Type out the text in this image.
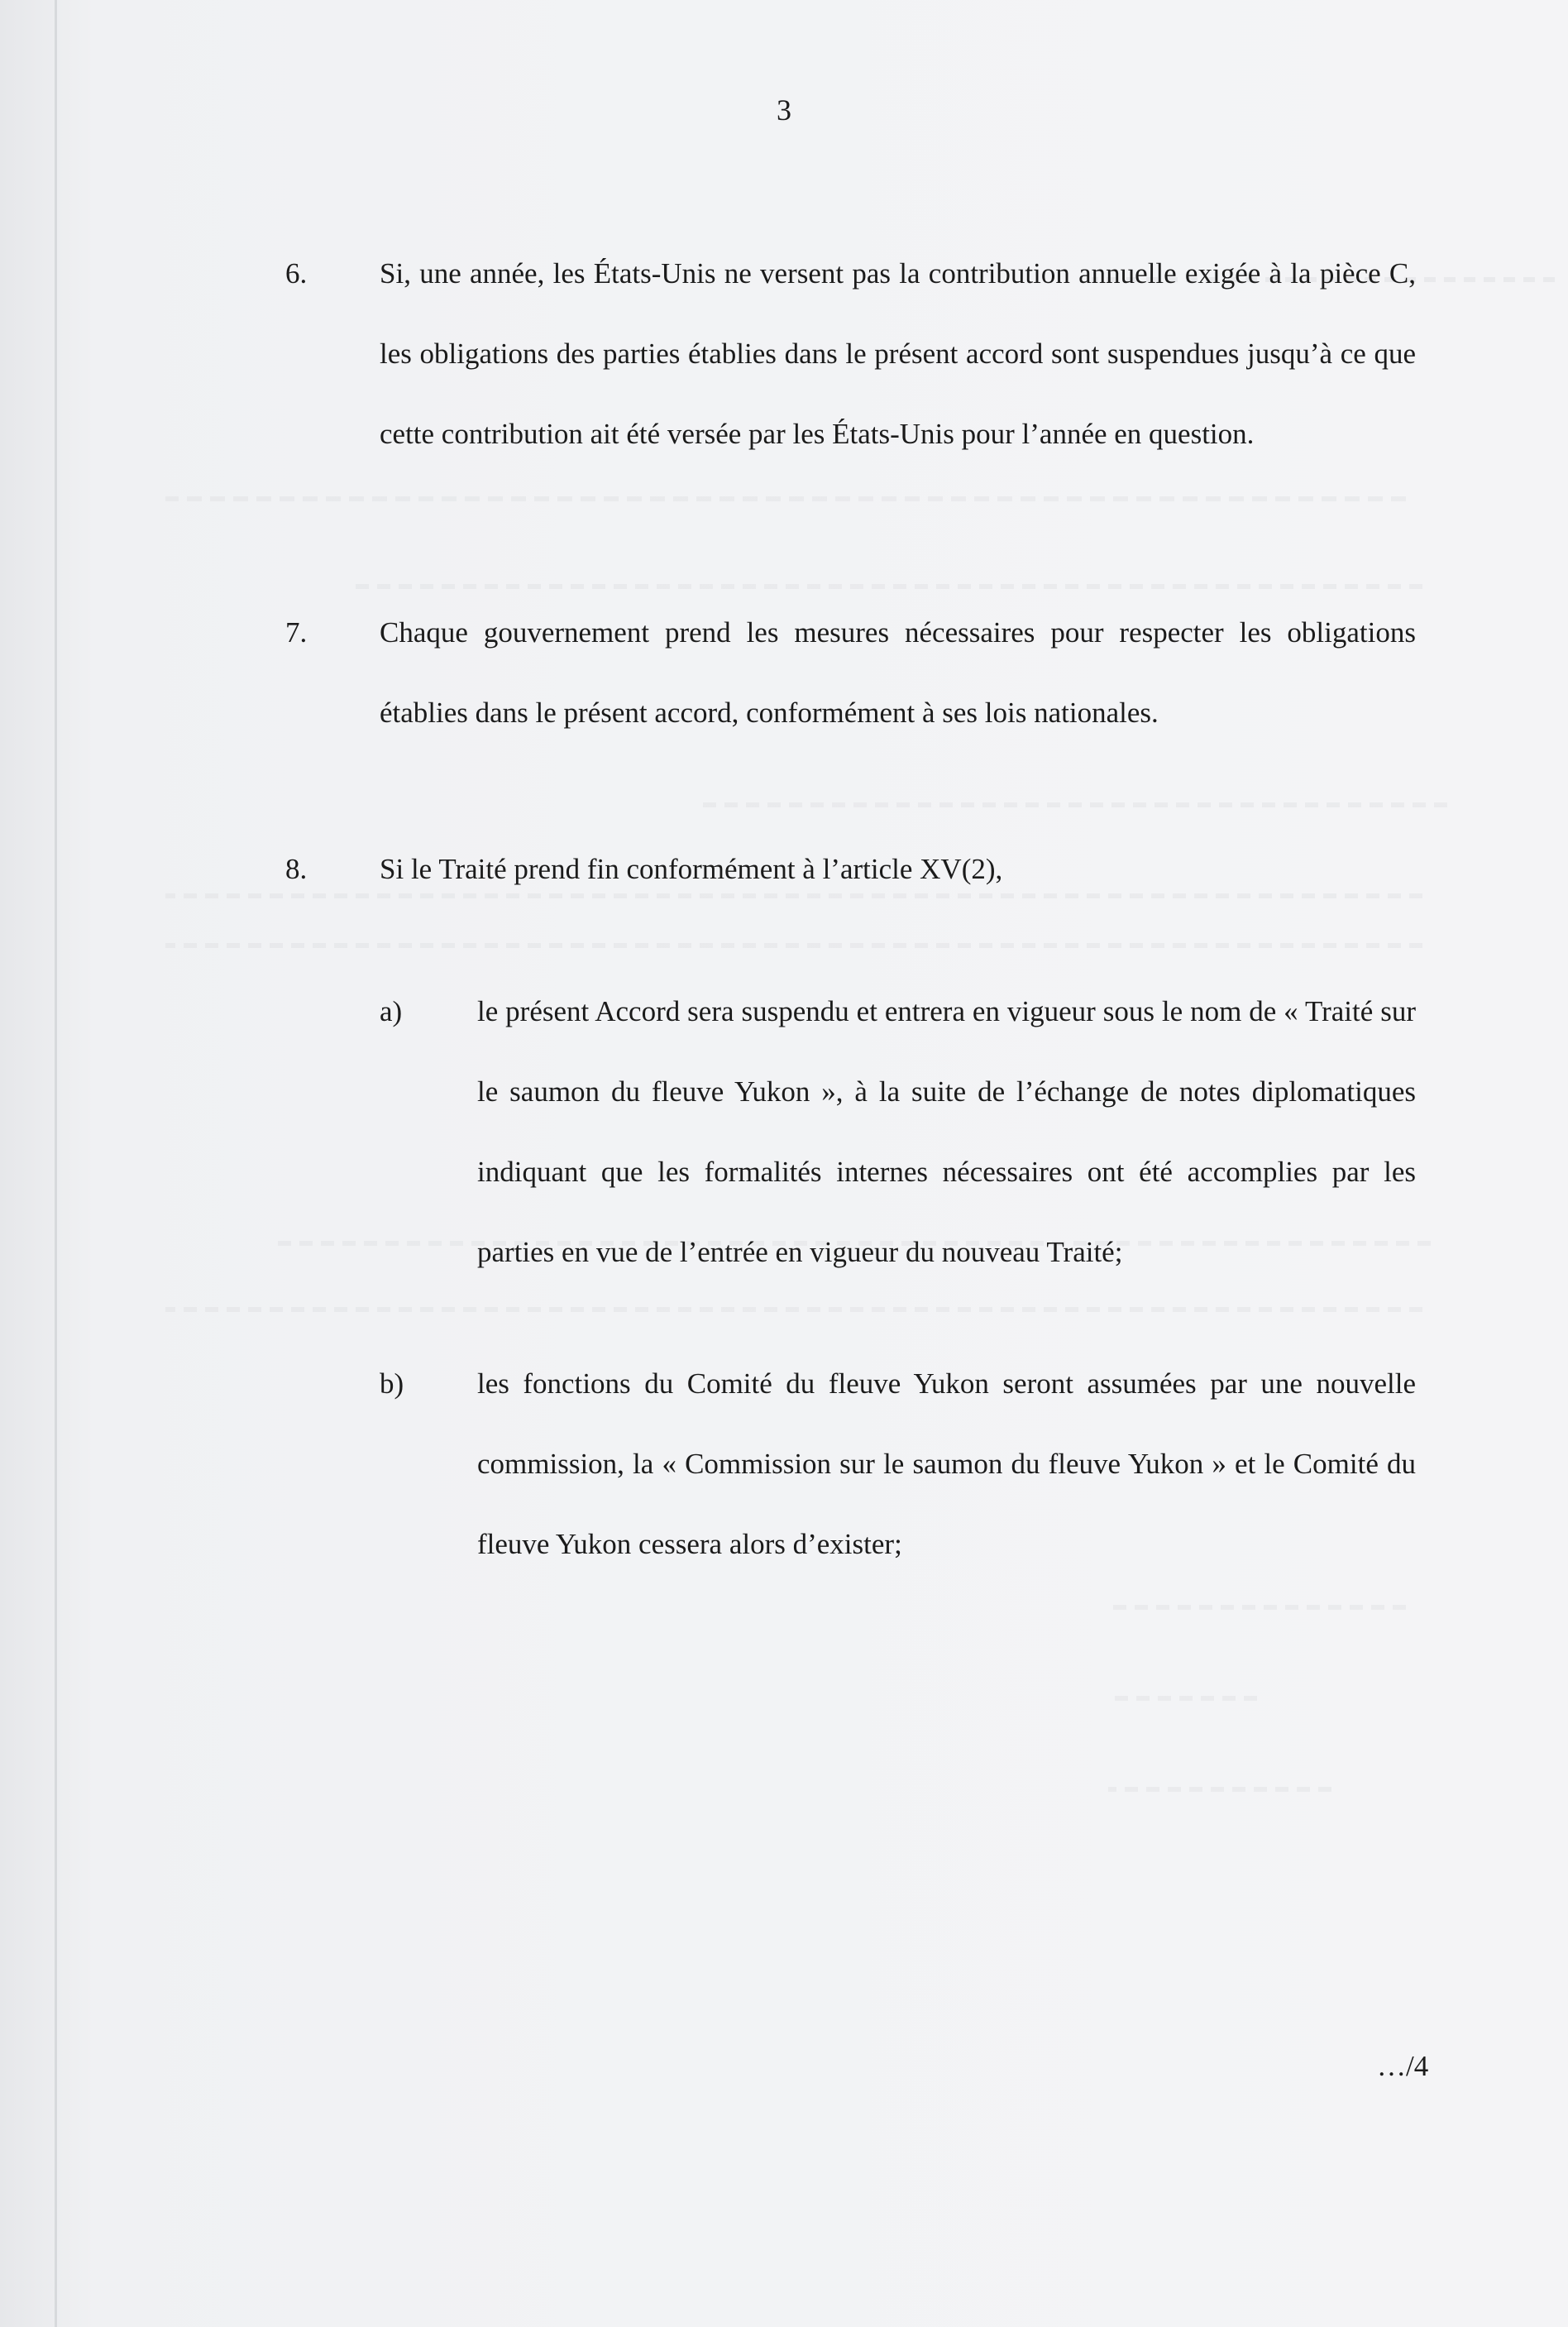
3
6.	Si, une année, les États-Unis ne versent pas la contribution annuelle exigée à la pièce C, les obligations des parties établies dans le présent accord sont suspendues jusqu’à ce que cette contribution ait été versée par les États-Unis pour l’année en question.
7.	Chaque gouvernement prend les mesures nécessaires pour respecter les obligations établies dans le présent accord, conformément à ses lois nationales.
8.	Si le Traité prend fin conformément à l’article XV(2),
a)	le présent Accord sera suspendu et entrera en vigueur sous le nom de « Traité sur le saumon du fleuve Yukon », à la suite de l’échange de notes diplomatiques indiquant que les formalités internes nécessaires ont été accomplies par les parties en vue de l’entrée en vigueur du nouveau Traité;
b)	les fonctions du Comité du fleuve Yukon seront assumées par une nouvelle commission, la « Commission sur le saumon du fleuve Yukon » et le Comité du fleuve Yukon cessera alors d’exister;
…/4
